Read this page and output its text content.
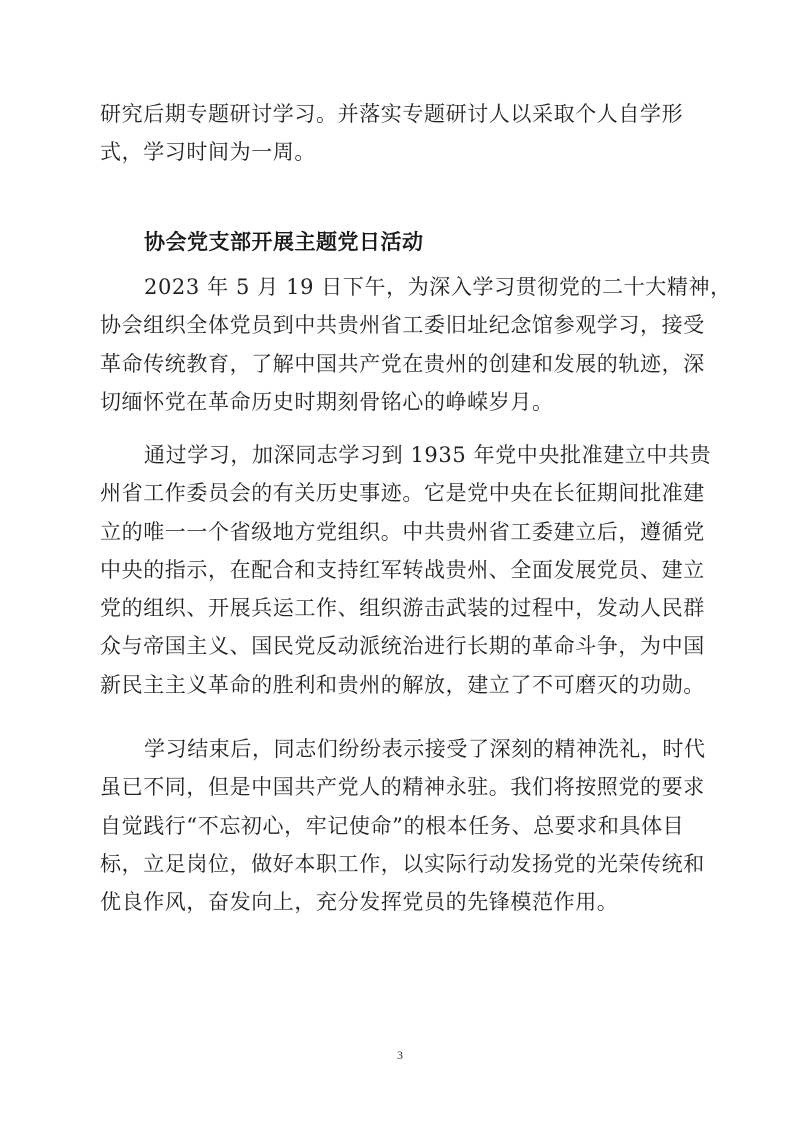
研究后期专题研讨学习。并落实专题研讨人以采取个人自学形
式，学习时间为一周。
协会党支部开展主题党日活动
2023 年 5 月 19 日下午，为深入学习贯彻党的二十大精神，
协会组织全体党员到中共贵州省工委旧址纪念馆参观学习，接受
革命传统教育，了解中国共产党在贵州的创建和发展的轨迹，深
切缅怀党在革命历史时期刻骨铭心的峥嵘岁月。
通过学习，加深同志学习到 1935 年党中央批准建立中共贵
州省工作委员会的有关历史事迹。它是党中央在长征期间批准建
立的唯一一个省级地方党组织。中共贵州省工委建立后，遵循党
中央的指示，在配合和支持红军转战贵州、全面发展党员、建立
党的组织、开展兵运工作、组织游击武装的过程中，发动人民群
众与帝国主义、国民党反动派统治进行长期的革命斗争，为中国
新民主主义革命的胜利和贵州的解放，建立了不可磨灭的功勋。
学习结束后，同志们纷纷表示接受了深刻的精神洗礼，时代
虽已不同，但是中国共产党人的精神永驻。我们将按照党的要求
自觉践行“不忘初心，牢记使命”的根本任务、总要求和具体目
标，立足岗位，做好本职工作，以实际行动发扬党的光荣传统和
优良作风，奋发向上，充分发挥党员的先锋模范作用。
3
